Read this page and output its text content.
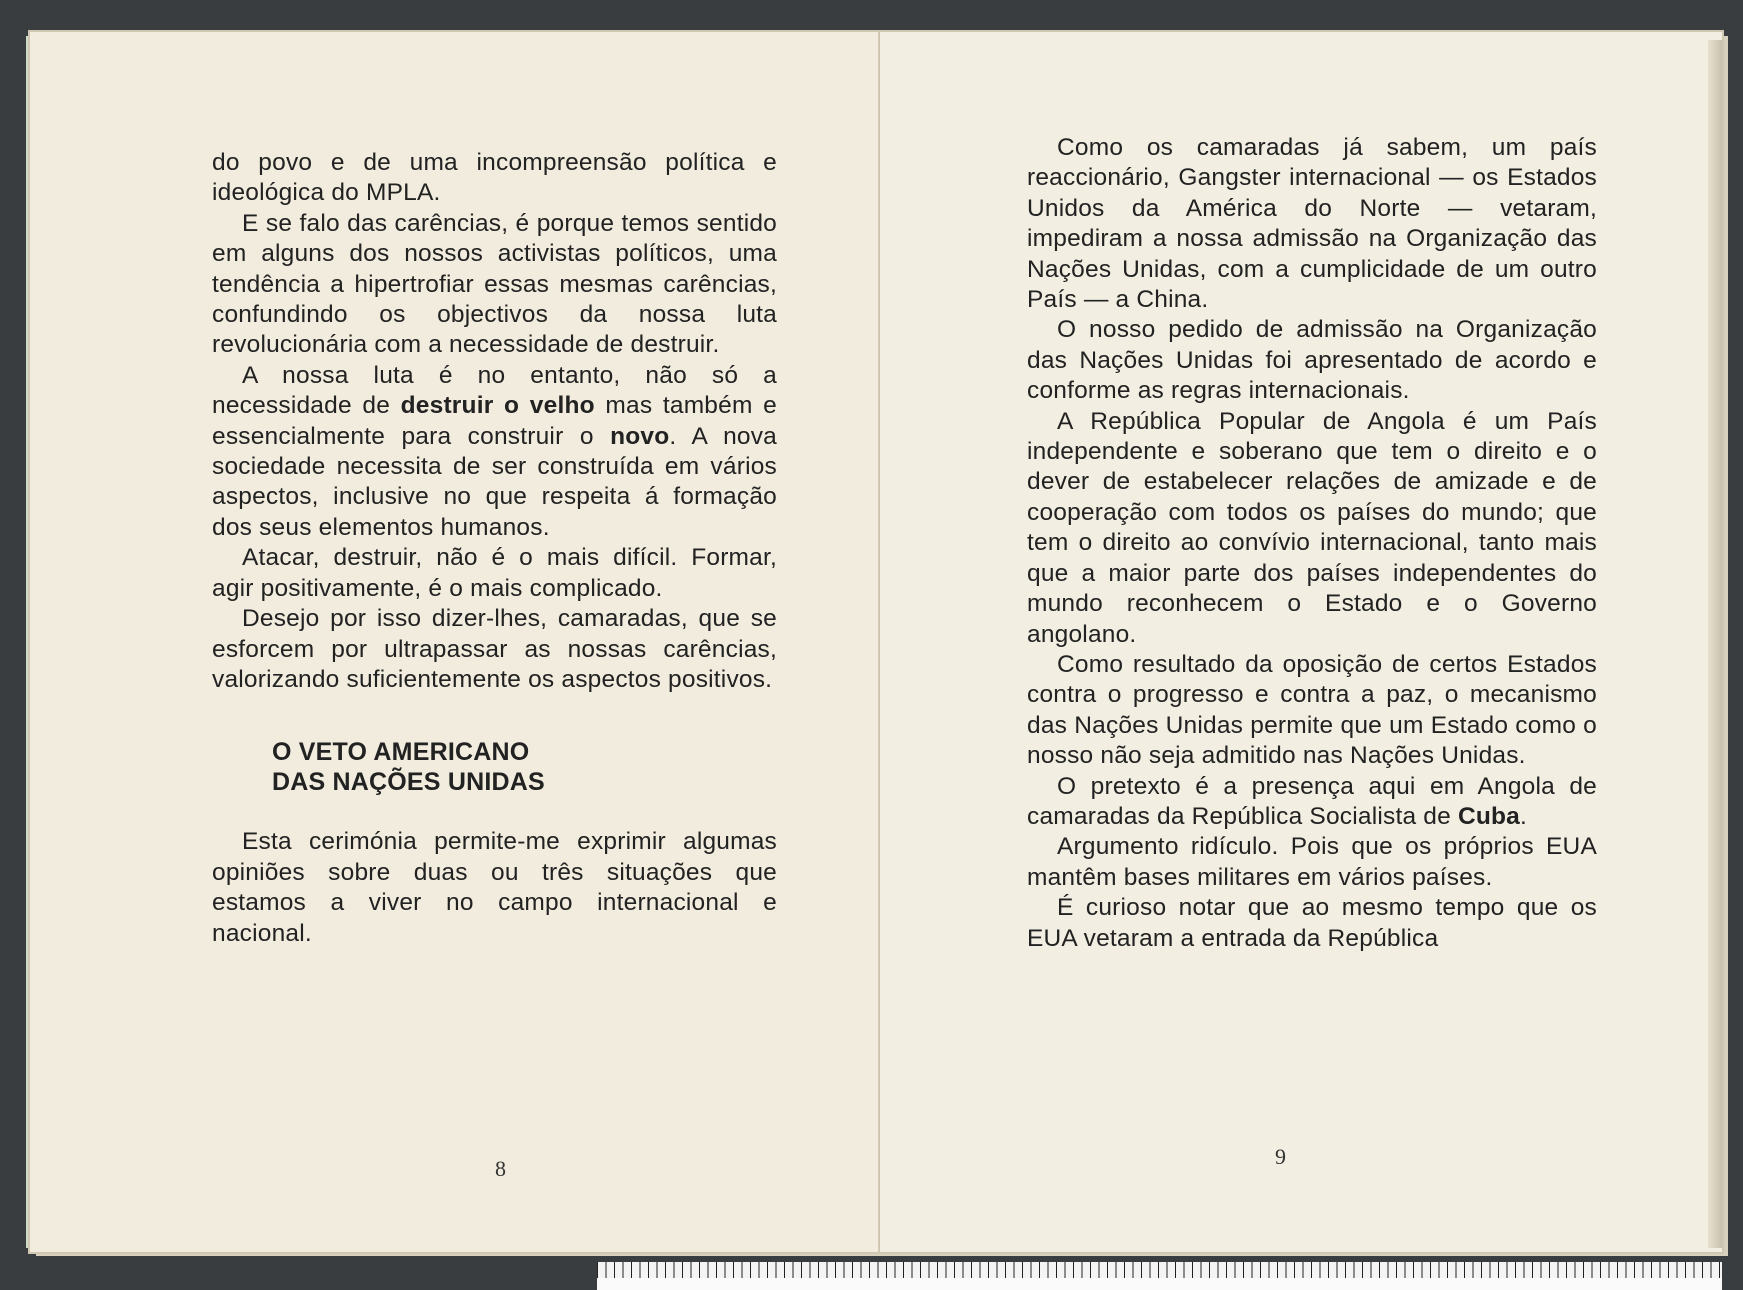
do povo e de uma incompreensão política e ideológica do MPLA.

E se falo das carências, é porque temos sentido em alguns dos nossos activistas políticos, uma tendência a hipertrofiar essas mesmas carências, confundindo os objectivos da nossa luta revolucionária com a necessidade de destruir.

A nossa luta é no entanto, não só a necessidade de destruir o velho mas também e essencialmente para construir o novo. A nova sociedade necessita de ser construída em vários aspectos, inclusive no que respeita á formação dos seus elementos humanos.

Atacar, destruir, não é o mais difícil. Formar, agir positivamente, é o mais complicado.

Desejo por isso dizer-lhes, camaradas, que se esforcem por ultrapassar as nossas carências, valorizando suficientemente os aspectos positivos.

O VETO AMERICANO
DAS NAÇÕES UNIDAS

Esta cerimónia permite-me exprimir algumas opiniões sobre duas ou três situações que estamos a viver no campo internacional e nacional.

8

Como os camaradas já sabem, um país reaccionário, Gangster internacional — os Estados Unidos da América do Norte — vetaram, impediram a nossa admissão na Organização das Nações Unidas, com a cumplicidade de um outro País — a China.

O nosso pedido de admissão na Organização das Nações Unidas foi apresentado de acordo e conforme as regras internacionais.

A República Popular de Angola é um País independente e soberano que tem o direito e o dever de estabelecer relações de amizade e de cooperação com todos os países do mundo; que tem o direito ao convívio internacional, tanto mais que a maior parte dos países independentes do mundo reconhecem o Estado e o Governo angolano.

Como resultado da oposição de certos Estados contra o progresso e contra a paz, o mecanismo das Nações Unidas permite que um Estado como o nosso não seja admitido nas Nações Unidas.

O pretexto é a presença aqui em Angola de camaradas da República Socialista de Cuba.

Argumento ridículo. Pois que os próprios EUA mantêm bases militares em vários países.

É curioso notar que ao mesmo tempo que os EUA vetaram a entrada da República

9
